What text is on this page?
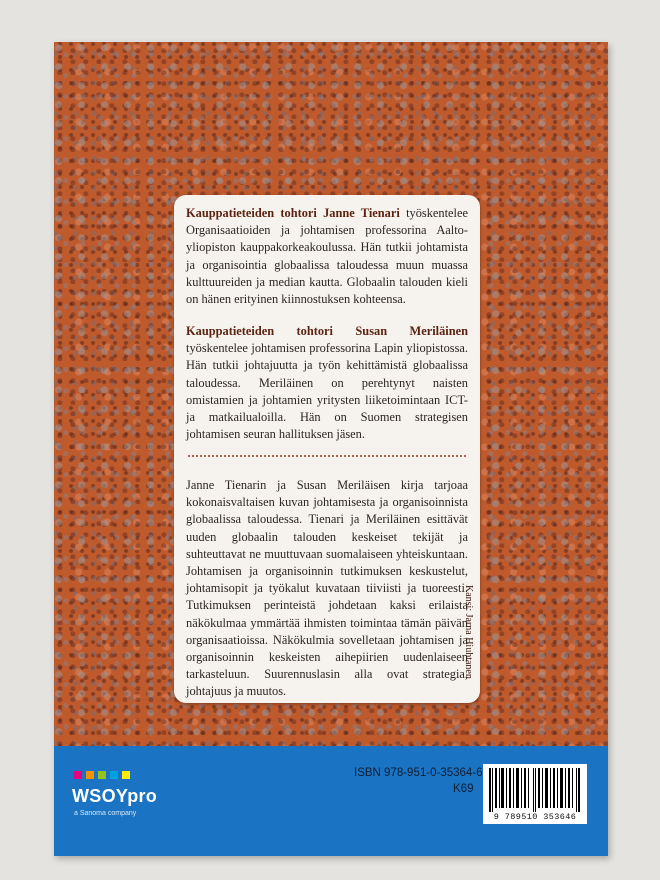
Kauppatieteiden tohtori Janne Tienari työskentelee Organisaatioiden ja johtamisen professorina Aalto-yliopiston kauppakorkeakoulussa. Hän tutkii johtamista ja organisointia globaalissa taloudessa muun muassa kulttuureiden ja median kautta. Globaalin talouden kieli on hänen erityinen kiinnostuksen kohteensa.
Kauppatieteiden tohtori Susan Meriläinen työskentelee johtamisen professorina Lapin yliopistossa. Hän tutkii johtajuutta ja työn kehittämistä globaalissa taloudessa. Meriläinen on perehtynyt naisten omistamien ja johtamien yritysten liiketoimintaan ICT- ja matkailualoilla. Hän on Suomen strategisen johtamisen seuran hallituksen jäsen.
Janne Tienarin ja Susan Meriläisen kirja tarjoaa kokonaisvaltaisen kuvan johtamisesta ja organisoinnista globaalissa taloudessa. Tienari ja Meriläinen esittävät uuden globaalin talouden keskeiset tekijät ja suhteuttavat ne muuttuvaan suomalaiseen yhteiskuntaan. Johtamisen ja organisoinnin tutkimuksen keskustelut, johtamisopit ja työkalut kuvataan tiiviisti ja tuoreesti. Tutkimuksen perinteistä johdetaan kaksi erilaista näkökulmaa ymmärtää ihmisten toimintaa tämän päivän organisaatioissa. Näkökulmia sovelletaan johtamisen ja organisoinnin keskeisten aihepiirien uudenlaiseen tarkasteluun. Suurennuslasin alla ovat strategia, johtajuus ja muutos.
Kansi: Jarna Hiuhtanen
WSOYpro
a Sanoma company
ISBN 978-951-0-35364-6
K69
9 789510 353646
